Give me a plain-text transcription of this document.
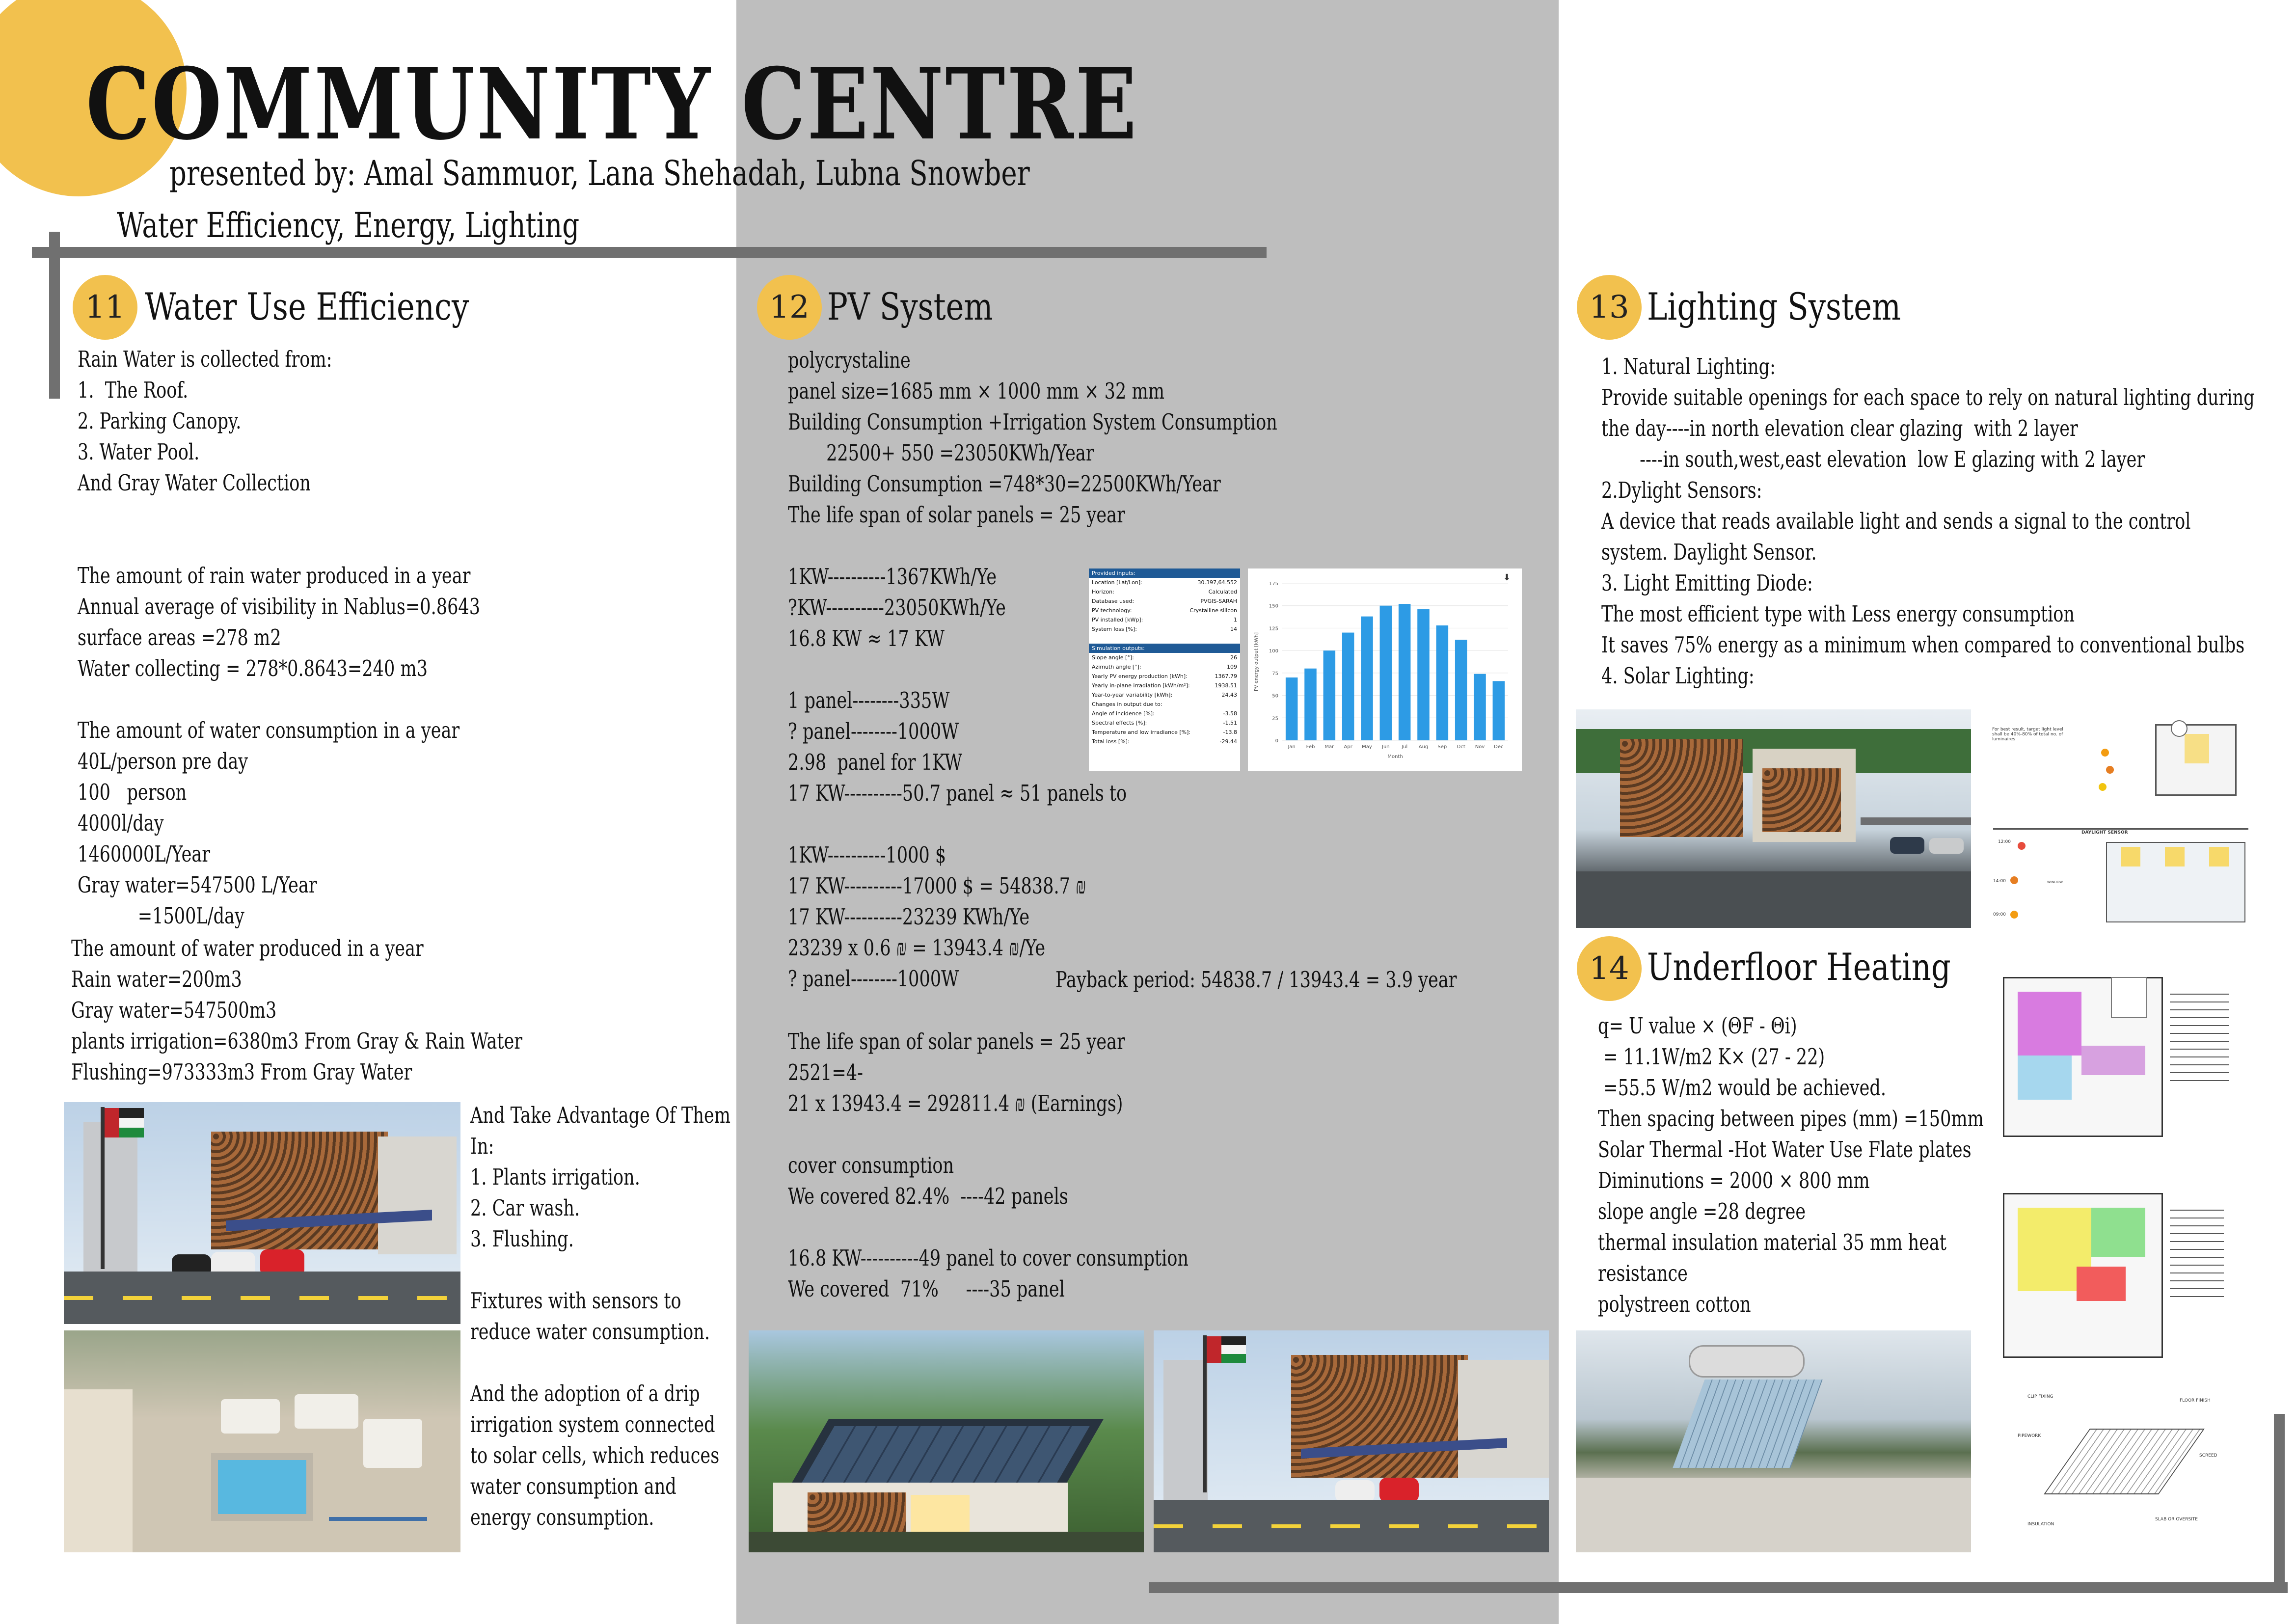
COMMUNITY CENTRE
presented by: Amal Sammuor, Lana Shehadah, Lubna Snowber
Water Efficiency, Energy, Lighting
11 Water Use Efficiency
Rain Water is collected from:
1.  The Roof.
2. Parking Canopy.
3. Water Pool.
And Gray Water Collection

The amount of rain water produced in a year
Annual average of visibility in Nablus=0.8643
surface areas =278 m2
Water collecting = 278*0.8643=240 m3

The amount of water consumption in a year
40L/person pre day
100   person
4000l/day
1460000L/Year
Gray water=547500 L/Year
=1500L/day
The amount of water produced in a year
Rain water=200m3
Gray water=547500m3
plants irrigation=6380m3 From Gray & Rain Water
Flushing=973333m3 From Gray Water
And Take Advantage Of Them
In:
1. Plants irrigation.
2. Car wash.
3. Flushing.

Fixtures with sensors to
reduce water consumption.

And the adoption of a drip
irrigation system connected
to solar cells, which reduces
water consumption and
energy consumption.
12 PV System
polycrystaline
panel size=1685 mm × 1000 mm × 32 mm
Building Consumption +Irrigation System Consumption
22500+ 550 =23050KWh/Year
Building Consumption =748*30=22500KWh/Year
The life span of solar panels = 25 year

1KW----------1367KWh/Ye
?KW----------23050KWh/Ye
16.8 KW ≈ 17 KW

1 panel--------335W
? panel--------1000W
2.98  panel for 1KW
17 KW----------50.7 panel ≈ 51 panels to

1KW----------1000 $
17 KW----------17000 $ = 54838.7 ₪
17 KW----------23239 KWh/Ye
23239 x 0.6 ₪ = 13943.4 ₪/Ye
? panel--------1000W	Payback period: 54838.7 / 13943.4 = 3.9 year
The life span of solar panels = 25 year
2521=4-
21 x 13943.4 = 292811.4 ₪ (Earnings)

cover consumption
We covered 82.4%  ----42 panels

16.8 KW----------49 panel to cover consumption
We covered  71%     ----35 panel
Provided inputs:
Location [Lat/Lon]:	30.397,64.552
Horizon:	Calculated
Database used:	PVGIS-SARAH
PV technology:	Crystalline silicon
PV installed [kWp]:	1
System loss [%]:	14
Simulation outputs:
Slope angle [°]:	26
Azimuth angle [°]:	109
Yearly PV energy production [kWh]:	1367.79
Yearly in-plane irradiation [kWh/m²]:	1938.51
Year-to-year variability [kWh]:	24.43
Changes in output due to:
Angle of incidence [%]:	-3.58
Spectral effects [%]:	-1.51
Temperature and low irradiance [%]:	-13.8
Total loss [%]:	-29.44	0
25
50
75
100
125
150
175
Jan Feb Mar Apr May Jun Jul Aug Sep Oct Nov Dec
Month
PV energy output [kWh]
⬇
13 Lighting System
1. Natural Lighting:
Provide suitable openings for each space to rely on natural lighting during
the day----in north elevation clear glazing  with 2 layer
----in south,west,east elevation  low E glazing with 2 layer
2.Dylight Sensors:
A device that reads available light and sends a signal to the control
system. Daylight Sensor.
3. Light Emitting Diode:
The most efficient type with Less energy consumption
It saves 75% energy as a minimum when compared to conventional bulbs
4. Solar Lighting:
For best result, target light level shall be 40%-80% of total no. of luminaires
DAYLIGHT SENSOR
12:00
14:00
09:00
WINDOW
14 Underfloor Heating
q= U value × (ΘF - Θi)
= 11.1W/m2 K× (27 - 22)
=55.5 W/m2 would be achieved.
Then spacing between pipes (mm) =150mm
Solar Thermal -Hot Water Use Flate plates
Diminutions = 2000 × 800 mm
slope angle =28 degree
thermal insulation material 35 mm heat
resistance
polystreen cotton
CLIP FIXING
FLOOR FINISH
PIPEWORK
SCREED
INSULATION
SLAB OR OVERSITE
